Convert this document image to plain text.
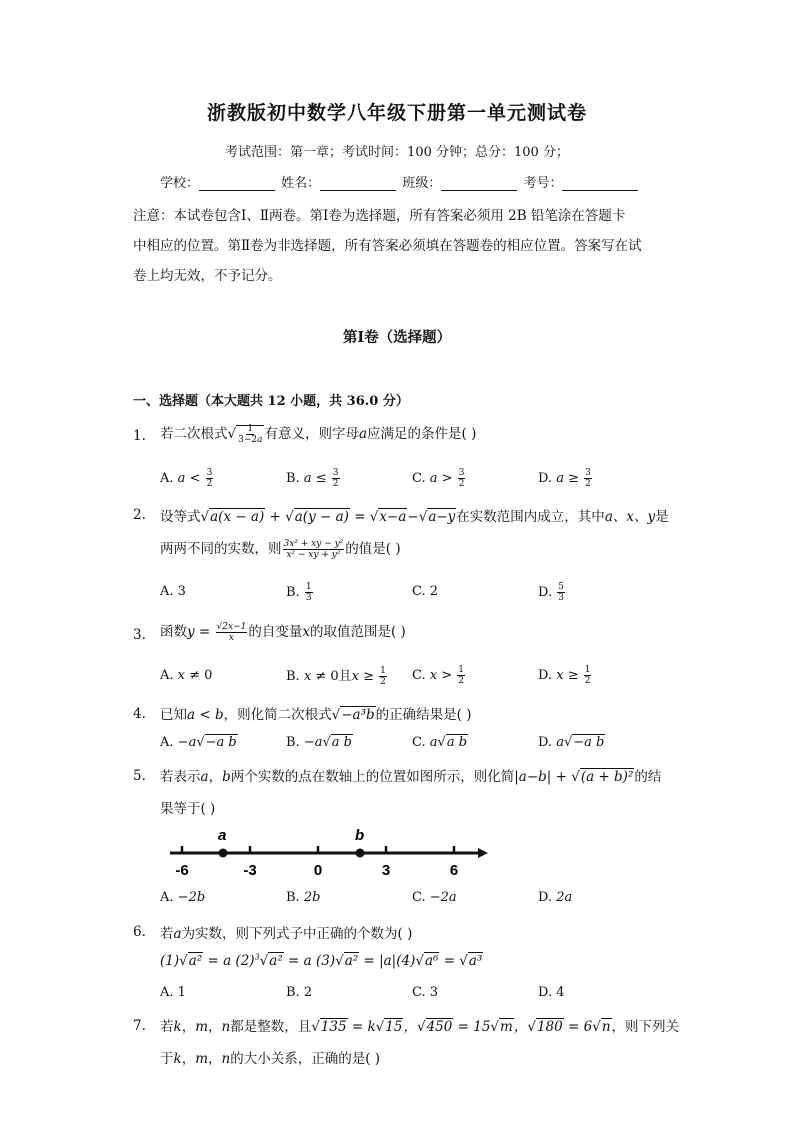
浙教版初中数学八年级下册第一单元测试卷
考试范围：第一章；考试时间：100 分钟；总分：100 分；
学校：	姓名：	班级：	考号：
注意：本试卷包含Ⅰ、Ⅱ两卷。第Ⅰ卷为选择题，所有答案必须用 2B 铅笔涂在答题卡
中相应的位置。第Ⅱ卷为非选择题，所有答案必须填在答题卷的相应位置。答案写在试
卷上均无效，不予记分。
第Ⅰ卷（选择题）
一、选择题（本大题共 12 小题，共 36.0 分）
1. 若二次根式√ $\frac{1}{3-2a}$ 有意义，则字母a应满足的条件是( )
A. $a < \frac{3}{2}$	B. $a \le \frac{3}{2}$	C. $a > \frac{3}{2}$	D. $a \ge \frac{3}{2}$
2. 设等式√a(x − a) + √a(y − a) = √x−a−√a−y在实数范围内成立，其中a、x、y是
两两不同的实数，则 $\frac{\text{3x² + xy − y²}}{\text{x² − xy + y²}}$ 的值是( )
A. 3	B. $\frac{1}{3}$	C. 2	D. $\frac{5}{3}$
3. 函数$y = \frac{√2x-1}{x}$ 的自变量x的取值范围是( )
A. x ≠ 0	B. x ≠ 0且$x \ge \frac{1}{2} C$. $x > \frac{1}{2}$	D. $x \ge \frac{1}{2}$
4. 已知a < b，则化简二次根式√−a³b的正确结果是( )
A. −a√−a b	B. −a√a b	C. a√a b	D. a√−a b
5. 若表示a，b两个实数的点在数轴上的位置如图所示，则化简|a−b| + √(a + b)²的结
果等于( )
-6	-3	0	3	6
a	b
A. −2b	B. 2b	C. −2a	D. 2a
6. 若a为实数，则下列式子中正确的个数为( )
(1)√a² = a $(2)^3√a^2 = a$ (3)√a² = |a|(4)√a⁶ = √a³
A. 1	B. 2	C. 3	D. 4
7. 若k，m，n都是整数，且√135 = k√15，√450 = 15√m，√180 = 6√n，则下列关
于k，m，n的大小关系，正确的是( )
